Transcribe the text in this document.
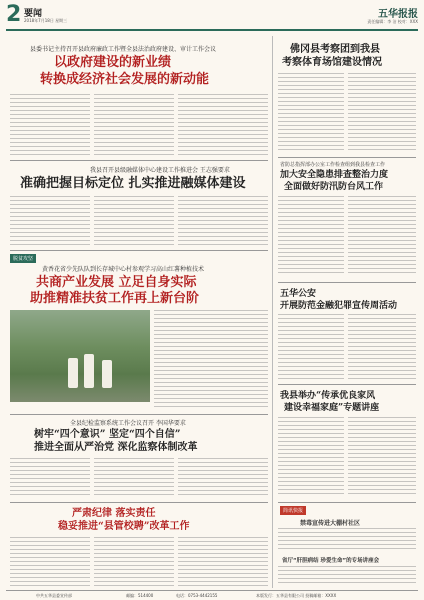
2 要闻
2018年7月18日 星期三
五华报报
责任编辑：李 洁 校对：XXX
县委书记主持召开县政府廉政工作暨全县法治政府建设、审计工作会议
以政府建设的新业绩
转换成经济社会发展的新动能
我县召开县级融媒体中心建设工作推进会 王志强要求
准确把握目标定位 扎实推进融媒体建设
脱贫攻坚
黄香花省少先队队到长存城中心村参观学习高山红薯种植技术
共商产业发展 立足自身实际
助推精准扶贫工作再上新台阶
全县纪检监察系统工作会议召开 李国华要求
树牢“四个意识” 坚定“四个自信”
推进全面从严治党 深化监察体制改革
严肃纪律 落实责任
稳妥推进“县管校聘”改革工作
佛冈县考察团到我县
考察体育场馆建设情况
省防总指挥部办公室工作检查组到我县检查工作
加大安全隐患排查整治力度
全面做好防汛防台风工作
五华公安
开展防范金融犯罪宣传周活动
我县举办“传承优良家风
建设幸福家庭”专题讲座
简讯快报
禁毒宣传进大棚村社区
省厅“肝胆病结 珍爱生命”的专场讲座会
中共五华县委宣传部	邮编：514400	电话：0753-4442155	本版发行：五华县有限公司 投稿邮箱：XXXX
